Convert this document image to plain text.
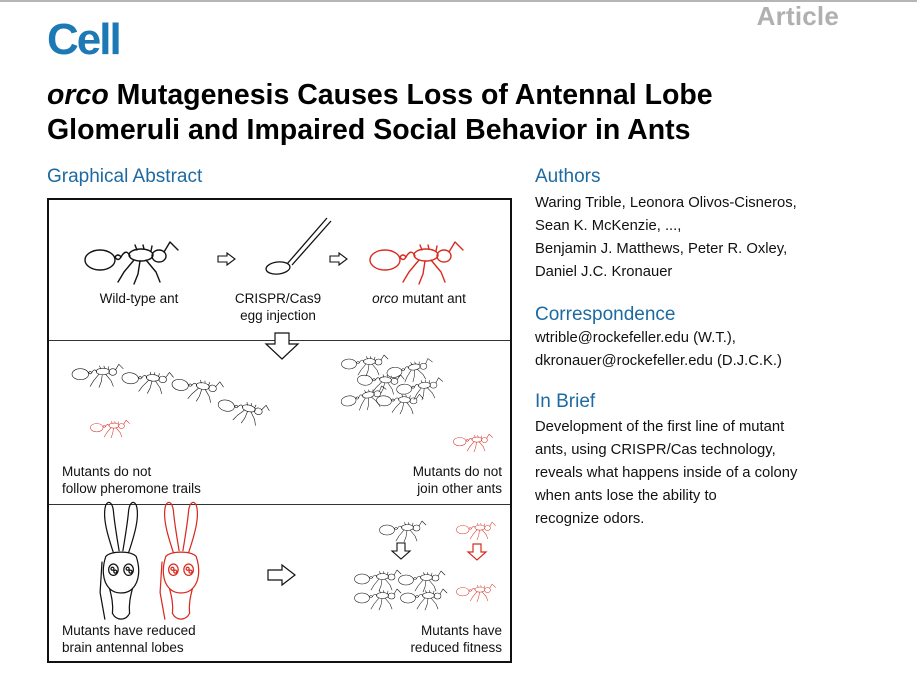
Article
Cell
orco Mutagenesis Causes Loss of Antennal Lobe
Glomeruli and Impaired Social Behavior in Ants
Graphical Abstract
Wild-type ant	CRISPR/Cas9
egg injection
orco mutant ant
Mutants do not
follow pheromone trails
Mutants do not
join other ants
Mutants have reduced
brain antennal lobes
Mutants have
reduced fitness
Authors
Waring Trible, Leonora Olivos-Cisneros,
Sean K. McKenzie, ...,
Benjamin J. Matthews, Peter R. Oxley,
Daniel J.C. Kronauer
Correspondence
wtrible@rockefeller.edu (W.T.),
dkronauer@rockefeller.edu (D.J.C.K.)
In Brief
Development of the first line of mutant
ants, using CRISPR/Cas technology,
reveals what happens inside of a colony
when ants lose the ability to
recognize odors.
